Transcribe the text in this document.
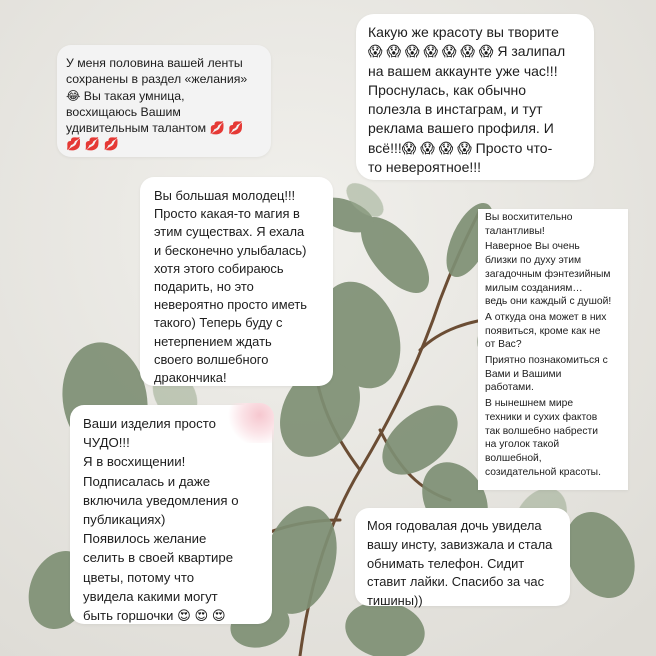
У меня половина вашей ленты
сохранены в раздел «желания»
😂 Вы такая умница,
восхищаюсь Вашим
удивительным талантом 💋 💋
💋 💋 💋
Какую же красоту вы творите
😱 😱 😱 😱 😱 😱 😱 Я залипал
на вашем аккаунте уже час!!!
Проснулась, как обычно
полезла в инстаграм, и тут
реклама вашего профиля. И
всё!!!😱 😱 😱 😱 Просто что-
то невероятное!!!
Вы большая молодец!!!
Просто какая-то магия в
этим существах. Я ехала
и бесконечно улыбалась)
хотя этого собираюсь
подарить, но это
невероятно просто иметь
такого) Теперь буду с
нетерпением ждать
своего волшебного
дракончика!
Вы восхитительно
талантливы!
Наверное Вы очень
близки по духу этим
загадочным фэнтезийным
милым созданиям…
ведь они каждый с душой!
А откуда она может в них
появиться, кроме как не
от Вас?
Приятно познакомиться с
Вами и Вашими
работами.
В нынешнем мире
техники и сухих фактов
так волшебно набрести
на уголок такой
волшебной,
созидательной красоты.
Ваши изделия просто
ЧУДО!!!
Я в восхищении!
Подписалась и даже
включила уведомления о
публикациях)
Появилось желание
селить в своей квартире
цветы, потому что
увидела какими могут
быть горшочки 😍 😍 😍
Моя годовалая дочь увидела
вашу инсту, завизжала и стала
обнимать телефон. Сидит
ставит лайки. Спасибо за час
тишины))
